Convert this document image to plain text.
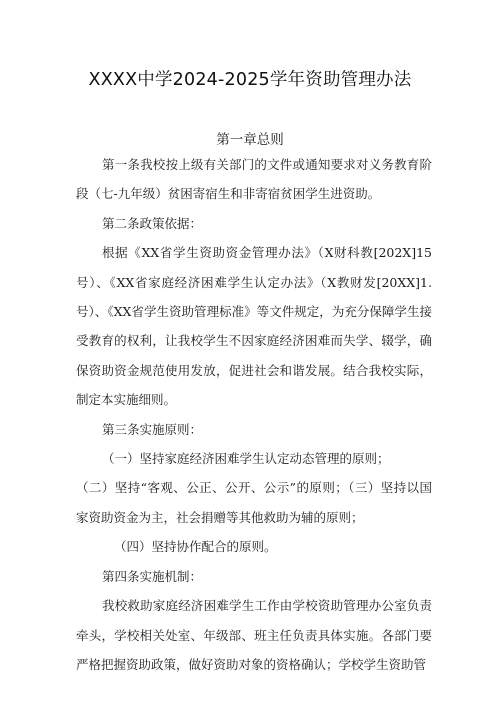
XXXX中学2024-2025学年资助管理办法
第一章总则

第一条我校按上级有关部门的文件或通知要求对义务教育阶段（七-九年级）贫困寄宿生和非寄宿贫困学生进资助。

第二条政策依据：

根据《XX省学生资助资金管理办法》（X财科教[202X]15号）、《XX省家庭经济困难学生认定办法》（X教财发[20XX]1.号）、《XX省学生资助管理标准》等文件规定，为充分保障学生接受教育的权利，让我校学生不因家庭经济困难而失学、辍学，确保资助资金规范使用发放，促进社会和谐发展。结合我校实际，制定本实施细则。

第三条实施原则：

（一）坚持家庭经济困难学生认定动态管理的原则；

（二）坚持“客观、公正、公开、公示”的原则；（三）坚持以国家资助资金为主，社会捐赠等其他救助为辅的原则；

（四）坚持协作配合的原则。

第四条实施机制：

我校救助家庭经济困难学生工作由学校资助管理办公室负责牵头，学校相关处室、年级部、班主任负责具体实施。各部门要严格把握资助政策，做好资助对象的资格确认；学校学生资助管
